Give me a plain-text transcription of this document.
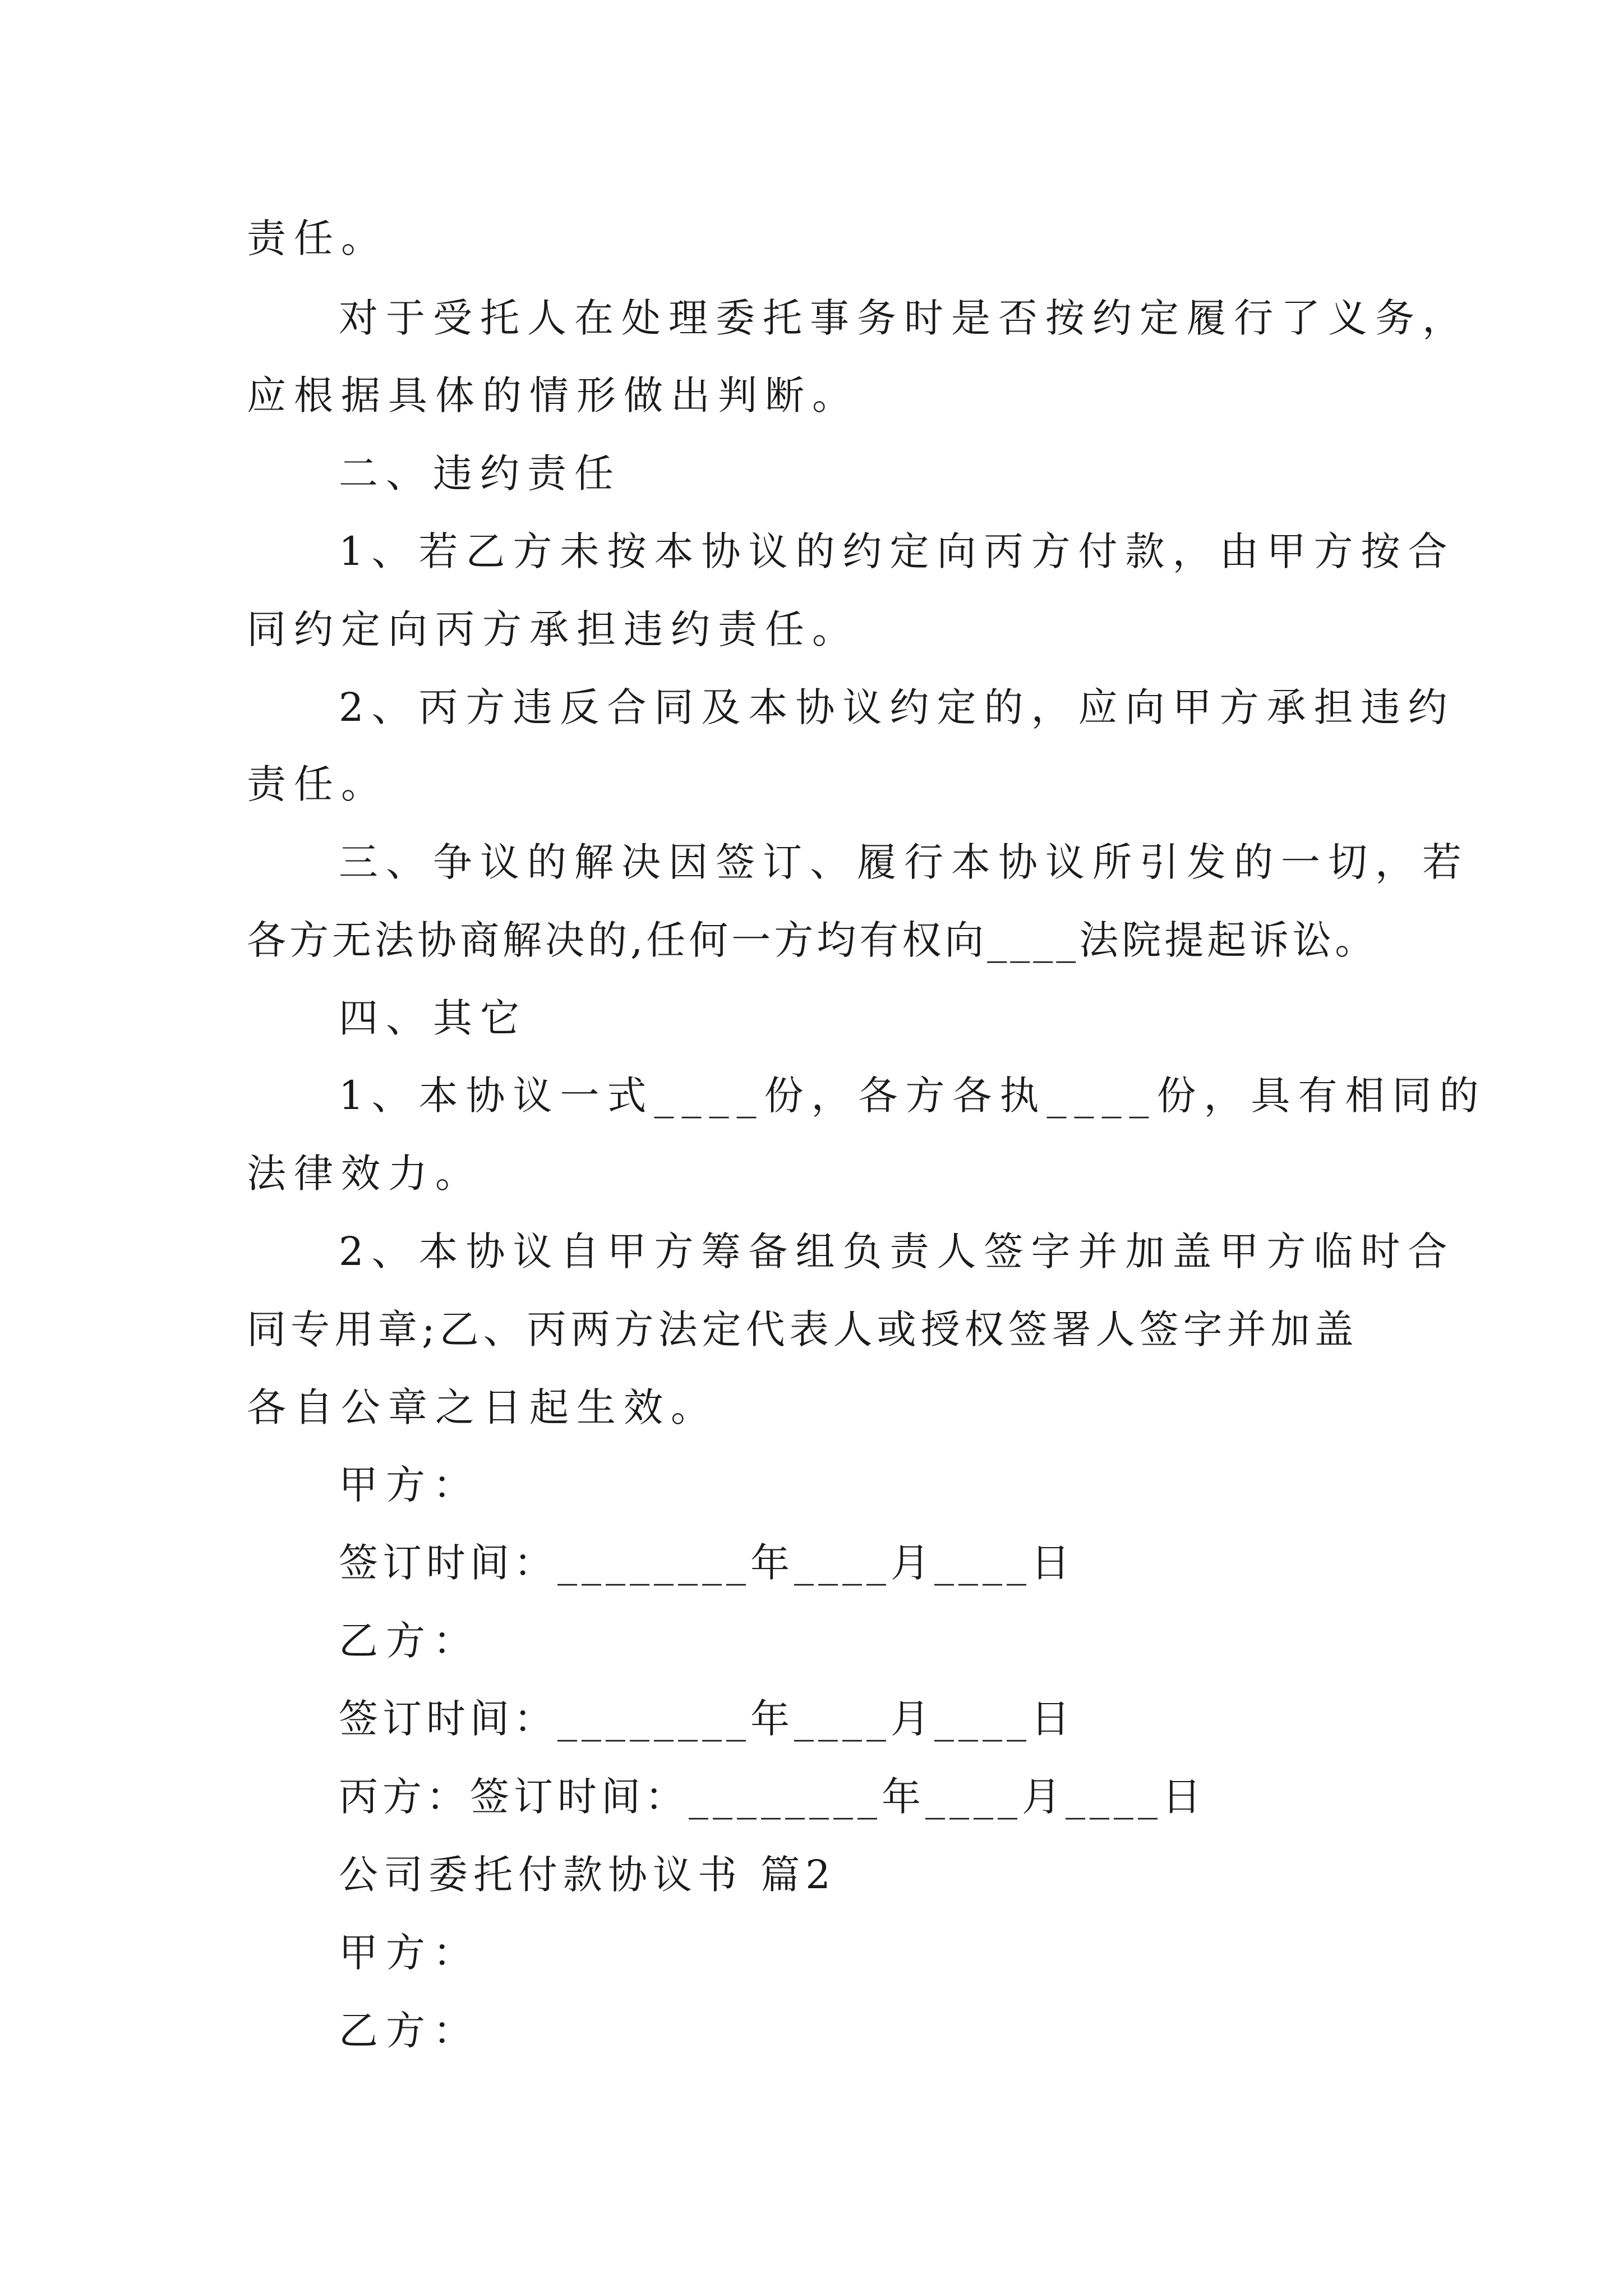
责任。
对于受托人在处理委托事务时是否按约定履行了义务，
应根据具体的情形做出判断。
二、违约责任
1、若乙方未按本协议的约定向丙方付款，由甲方按合
同约定向丙方承担违约责任。
2、丙方违反合同及本协议约定的，应向甲方承担违约
责任。
三、争议的解决因签订、履行本协议所引发的一切，若
各方无法协商解决的,任何一方均有权向____法院提起诉讼。
四、其它
1、本协议一式____份，各方各执____份，具有相同的
法律效力。
2、本协议自甲方筹备组负责人签字并加盖甲方临时合
同专用章;乙、丙两方法定代表人或授权签署人签字并加盖
各自公章之日起生效。
甲方：
签订时间：________年____月____日
乙方：
签订时间：________年____月____日
丙方：签订时间：________年____月____日
公司委托付款协议书 篇2
甲方：
乙方：
